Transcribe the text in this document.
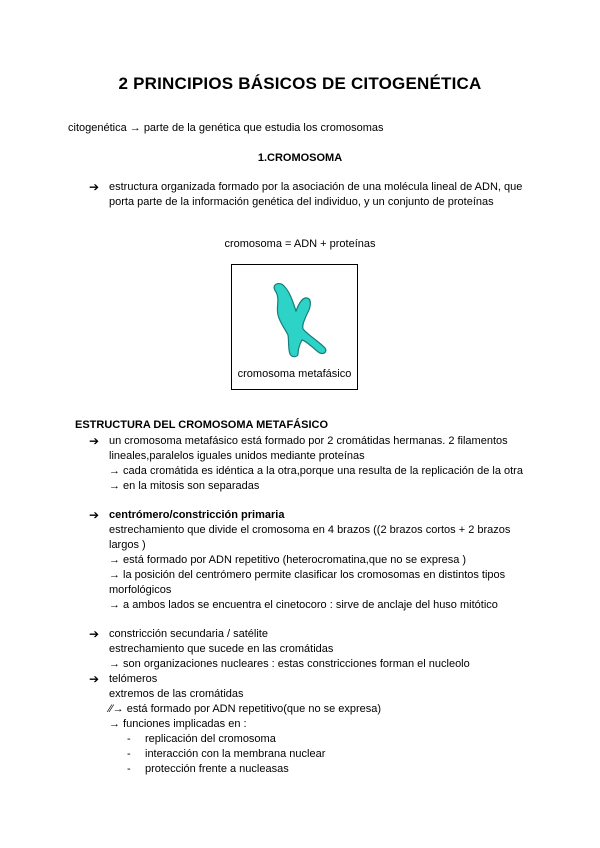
2 PRINCIPIOS BÁSICOS DE CITOGENÉTICA
citogenética → parte de la genética que estudia los cromosomas
1.CROMOSOMA
➔ estructura organizada formado por la asociación de una molécula lineal de ADN, que
porta parte de la información genética del individuo, y un conjunto de proteínas
cromosoma = ADN + proteínas
cromosoma metafásico
ESTRUCTURA DEL CROMOSOMA METAFÁSICO
➔ un cromosoma metafásico está formado por 2 cromátidas hermanas. 2 filamentos
lineales,paralelos iguales unidos mediante proteínas
→ cada cromátida es idéntica a la otra,porque una resulta de la replicación de la otra
→ en la mitosis son separadas
➔ centrómero/constricción primaria
estrechamiento que divide el cromosoma en 4 brazos ((2 brazos cortos + 2 brazos
largos )
→ está formado por ADN repetitivo (heterocromatina,que no se expresa )
→ la posición del centrómero permite clasificar los cromosomas en distintos tipos
morfológicos
→ a ambos lados se encuentra el cinetocoro : sirve de anclaje del huso mitótico
➔ constricción secundaria / satélite
estrechamiento que sucede en las cromátidas
→ son organizaciones nucleares : estas constricciones forman el nucleolo
➔ telómeros
extremos de las cromátidas
⁄⁄→ está formado por ADN repetitivo(que no se expresa)
→ funciones implicadas en :
- replicación del cromosoma
- interacción con la membrana nuclear
- protección frente a nucleasas
